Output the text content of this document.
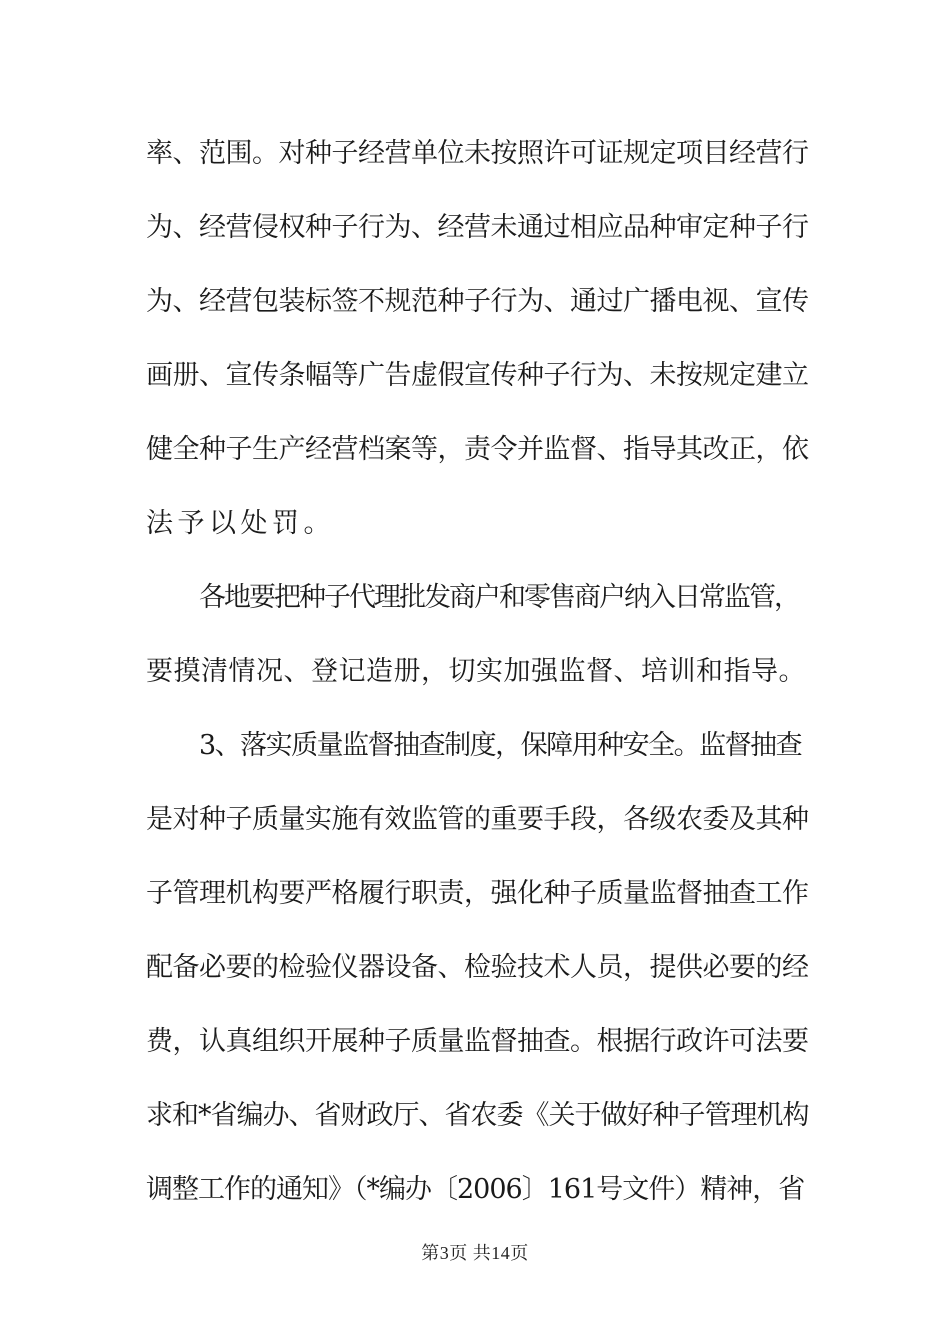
率、范围。对种子经营单位未按照许可证规定项目经营行
为、经营侵权种子行为、经营未通过相应品种审定种子行
为、经营包装标签不规范种子行为、通过广播电视、宣传
画册、宣传条幅等广告虚假宣传种子行为、未按规定建立
健全种子生产经营档案等，责令并监督、指导其改正，依
法予以处罚。
各地要把种子代理批发商户和零售商户纳入日常监管，
要摸清情况、登记造册，切实加强监督、培训和指导。
3、落实质量监督抽查制度，保障用种安全。监督抽查
是对种子质量实施有效监管的重要手段，各级农委及其种
子管理机构要严格履行职责，强化种子质量监督抽查工作
配备必要的检验仪器设备、检验技术人员，提供必要的经
费，认真组织开展种子质量监督抽查。根据行政许可法要
求和*省编办、省财政厅、省农委《关于做好种子管理机构
调整工作的通知》（*编办〔2006〕161号文件）精神，省
第3页 共14页
